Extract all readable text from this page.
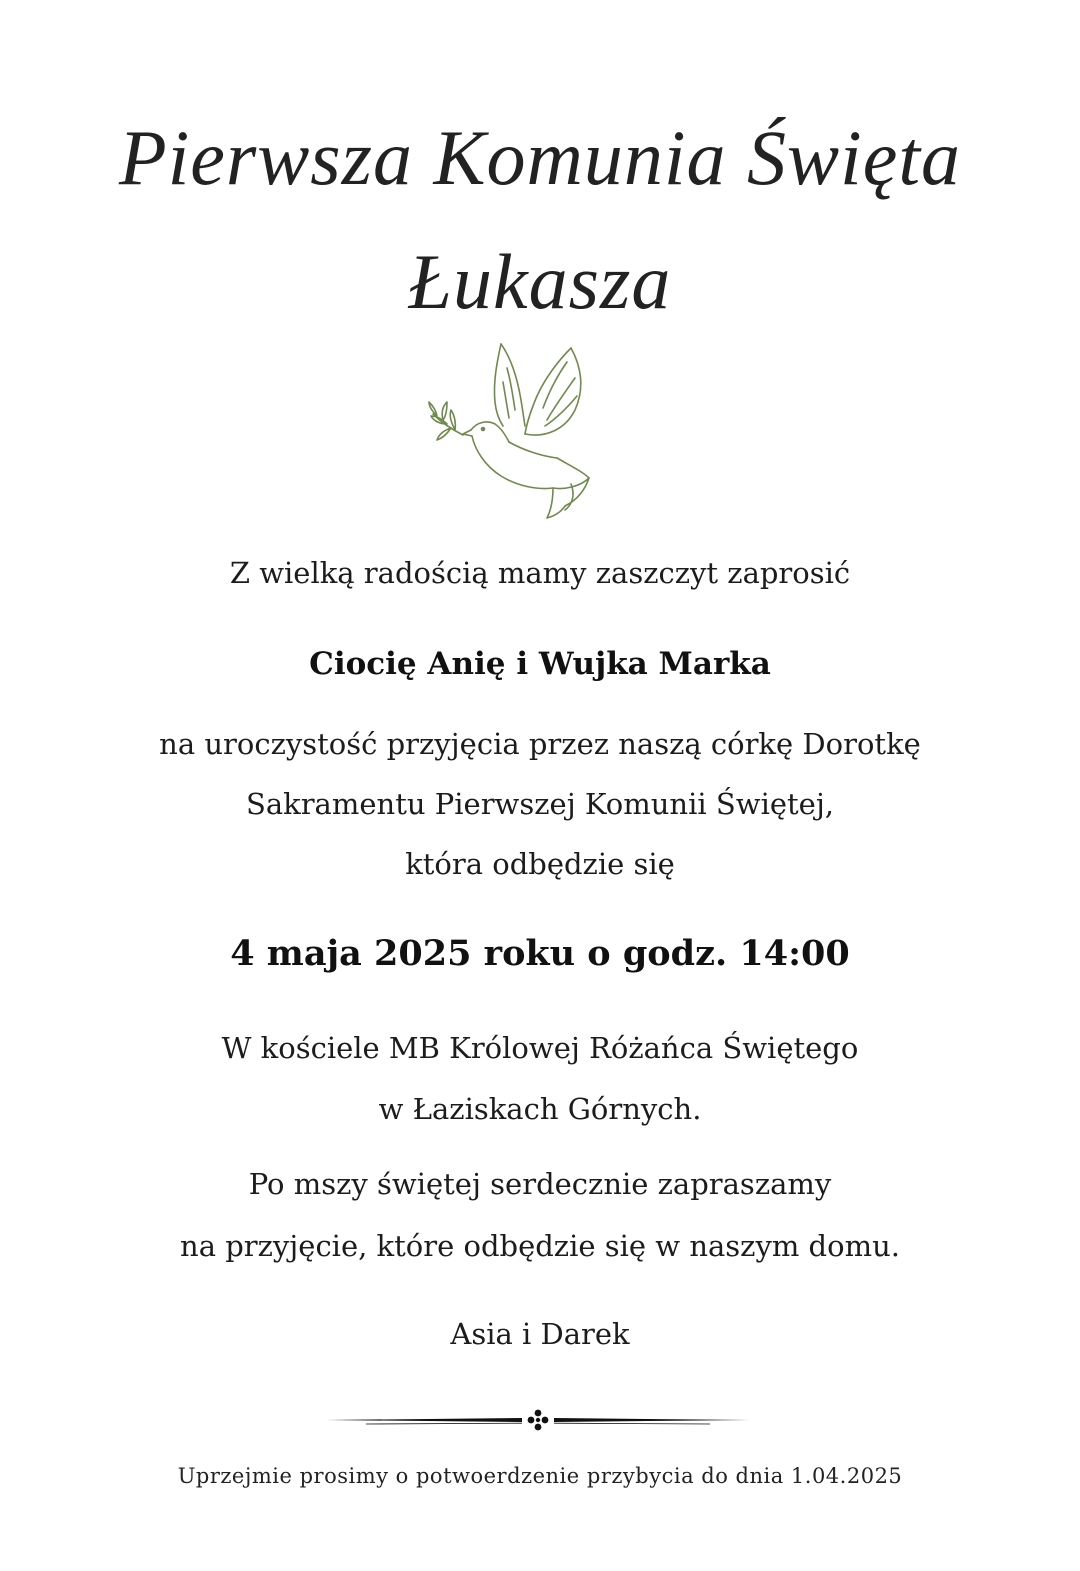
Pierwsza Komunia Święta
Łukasza
Z wielką radością mamy zaszczyt zaprosić
Ciocię Anię i Wujka Marka
na uroczystość przyjęcia przez naszą córkę Dorotkę
Sakramentu Pierwszej Komunii Świętej,
która odbędzie się
4 maja 2025 roku o godz. 14:00
W kościele MB Królowej Różańca Świętego
w Łaziskach Górnych.
Po mszy świętej serdecznie zapraszamy
na przyjęcie, które odbędzie się w naszym domu.
Asia i Darek
Uprzejmie prosimy o potwoerdzenie przybycia do dnia 1.04.2025
